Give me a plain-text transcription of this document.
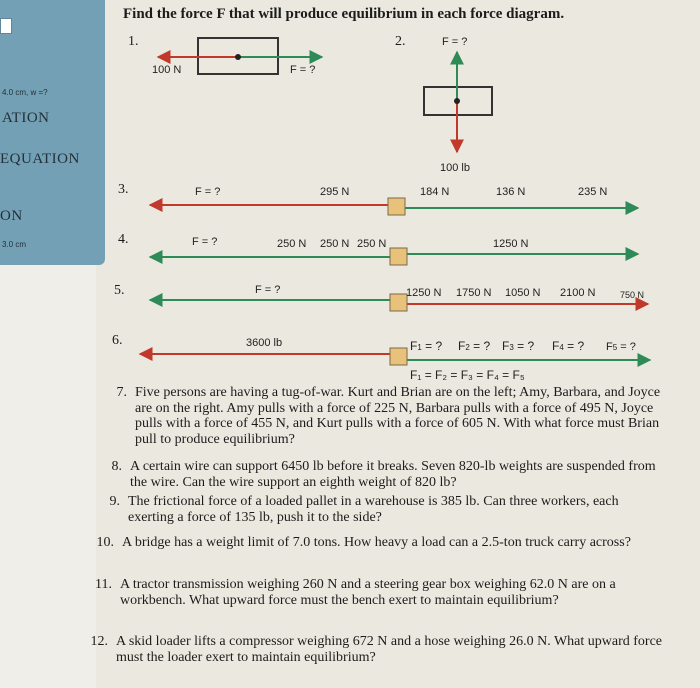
4.0 cm, w =?
ATION
EQUATION
ON
3.0 cm
Find the force F that will produce equilibrium in each force diagram.
1.
100 N	F = ?
2.	F = ?
100 lb
3.	F = ?	295 N	184 N	136 N	235 N
4.	F = ?	250 N 250 N 250 N	1250 N
5.	F = ?	1250 N 1750 N 1050 N 2100 N	750 N
6.	3600 lb	F1 = ? F2 = ? F3 = ? F4 = ? F5 = ?
F₁ = F₂ = F₃ = F₄ = F₅
7. Five persons are having a tug-of-war. Kurt and Brian are on the left; Amy, Barbara, and Joyce are on the right. Amy pulls with a force of 225 N, Barbara pulls with a force of 495 N, Joyce pulls with a force of 455 N, and Kurt pulls with a force of 605 N. With what force must Brian pull to produce equilibrium?
8. A certain wire can support 6450 lb before it breaks. Seven 820-lb weights are suspended from the wire. Can the wire support an eighth weight of 820 lb?
9. The frictional force of a loaded pallet in a warehouse is 385 lb. Can three workers, each exerting a force of 135 lb, push it to the side?
10. A bridge has a weight limit of 7.0 tons. How heavy a load can a 2.5-ton truck carry across?
11. A tractor transmission weighing 260 N and a steering gear box weighing 62.0 N are on a workbench. What upward force must the bench exert to maintain equilibrium?
12. A skid loader lifts a compressor weighing 672 N and a hose weighing 26.0 N. What upward force must the loader exert to maintain equilibrium?
